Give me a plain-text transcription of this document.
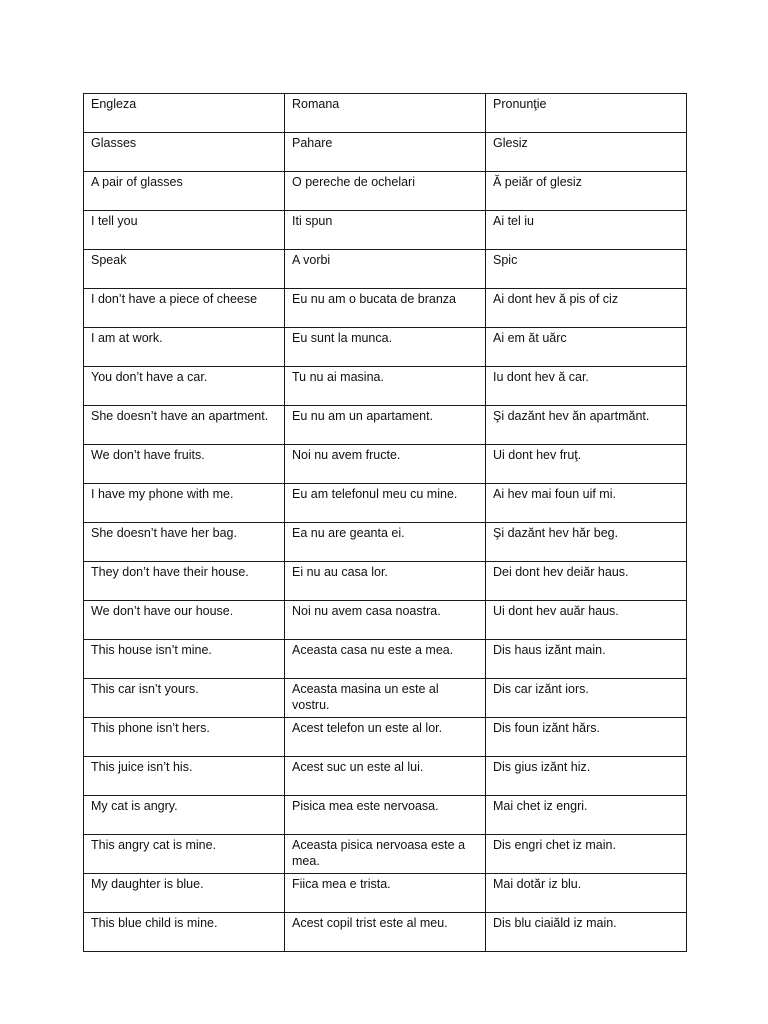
Engleza	Romana	Pronunţie
Glasses	Pahare	Glesiz
A pair of glasses	O pereche de ochelari	Ă peiăr of glesiz
I tell you	Iti spun	Ai tel iu
Speak	A vorbi	Spic
I don’t have a piece of cheese	Eu nu am o bucata de branza	Ai dont hev ă pis of ciz
I am at work.	Eu sunt la munca.	Ai em ăt uărc
You don’t have a car.	Tu nu ai masina.	Iu dont hev ă car.
She doesn’t have an apartment.	Eu nu am un apartament.	Şi dazănt hev ăn apartmănt.
We don’t have fruits.	Noi nu avem fructe.	Ui dont hev fruţ.
I have my phone with me.	Eu am telefonul meu cu mine.	Ai hev mai foun uif mi.
She doesn’t have her bag.	Ea nu are geanta ei.	Şi dazănt hev hăr beg.
They don’t have their house.	Ei nu au casa lor.	Dei dont hev deiăr haus.
We don’t have our house.	Noi nu avem casa noastra.	Ui dont hev auăr haus.
This house isn’t mine.	Aceasta casa nu este a mea.	Dis haus izănt main.
This car isn’t yours.	Aceasta masina un este al vostru.	Dis car izănt iors.
This phone isn’t hers.	Acest telefon un este al lor.	Dis foun izănt hărs.
This juice isn’t his.	Acest suc un este al lui.	Dis gius izănt hiz.
My cat is angry.	Pisica mea este nervoasa.	Mai chet iz engri.
This angry cat is mine.	Aceasta pisica nervoasa este a mea.	Dis engri chet iz main.
My daughter is blue.	Fiica mea e trista.	Mai dotăr iz blu.
This blue child is mine.	Acest copil trist este al meu.	Dis blu ciaiăld iz main.
